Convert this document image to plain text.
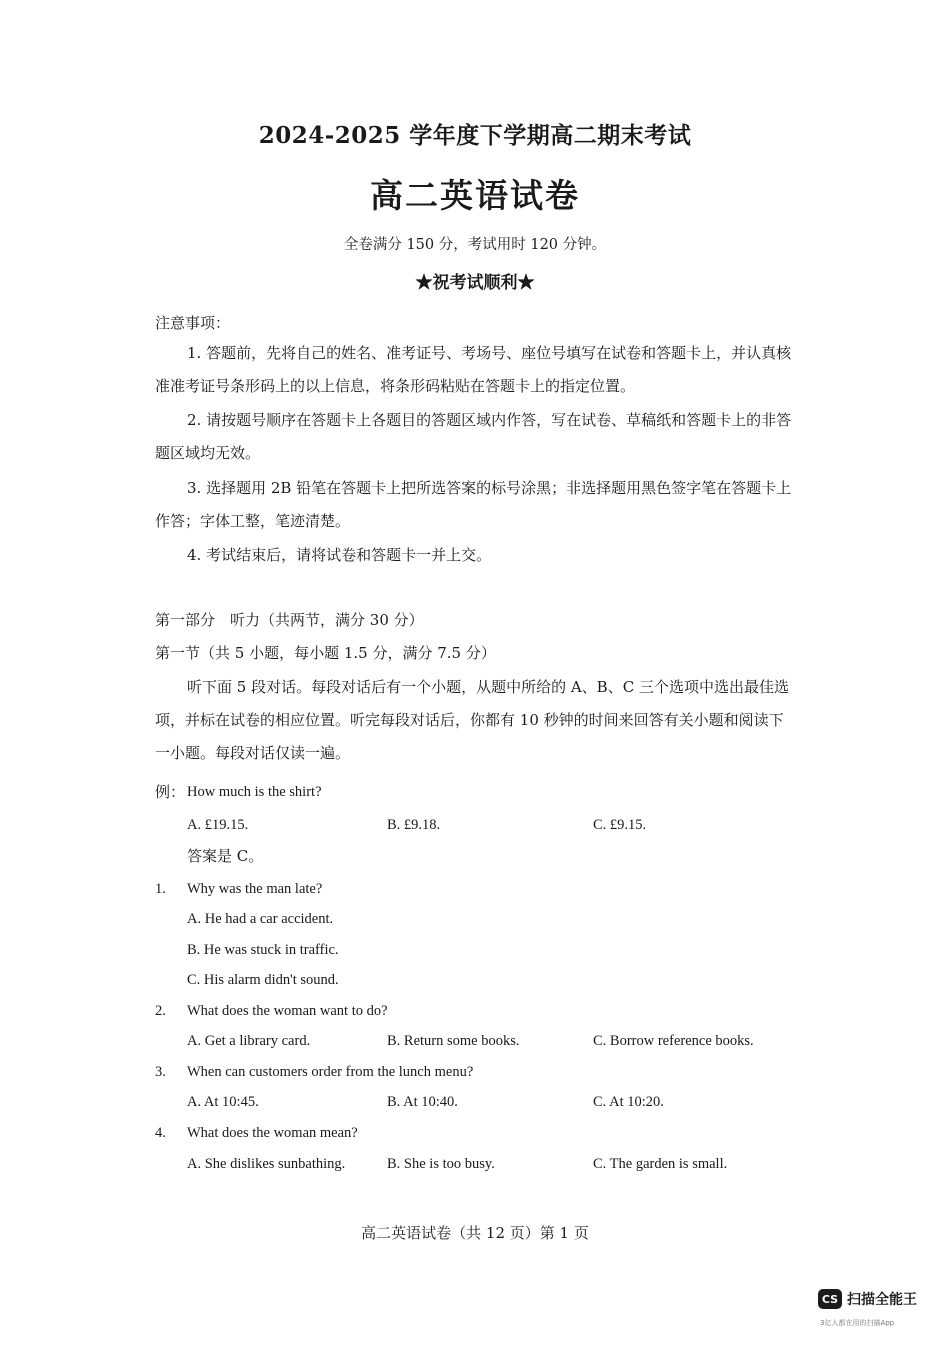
2024-2025 学年度下学期高二期末考试
高二英语试卷
全卷满分 150 分，考试用时 120 分钟。
★祝考试顺利★
注意事项：
1. 答题前，先将自己的姓名、准考证号、考场号、座位号填写在试卷和答题卡上，并认真核
准准考证号条形码上的以上信息，将条形码粘贴在答题卡上的指定位置。
2. 请按题号顺序在答题卡上各题目的答题区域内作答，写在试卷、草稿纸和答题卡上的非答
题区域均无效。
3. 选择题用 2B 铅笔在答题卡上把所选答案的标号涂黑；非选择题用黑色签字笔在答题卡上
作答；字体工整，笔迹清楚。
4. 考试结束后，请将试卷和答题卡一并上交。
第一部分　听力（共两节，满分 30 分）
第一节（共 5 小题，每小题 1.5 分，满分 7.5 分）
听下面 5 段对话。每段对话后有一个小题，从题中所给的 A、B、C 三个选项中选出最佳选
项，并标在试卷的相应位置。听完每段对话后，你都有 10 秒钟的时间来回答有关小题和阅读下
一小题。每段对话仅读一遍。
例： How much is the shirt?
A. £19.15.	B. £9.18.	C. £9.15.
答案是 C。
1. Why was the man late?
A. He had a car accident.
B. He was stuck in traffic.
C. His alarm didn't sound.
2. What does the woman want to do?
A. Get a library card.	B. Return some books.	C. Borrow reference books.
3. When can customers order from the lunch menu?
A. At 10:45.	B. At 10:40.	C. At 10:20.
4. What does the woman mean?
A. She dislikes sunbathing.	B. She is too busy.	C. The garden is small.
高二英语试卷（共 12 页）第 1 页
CS 扫描全能王
3亿人都在用的扫描App
